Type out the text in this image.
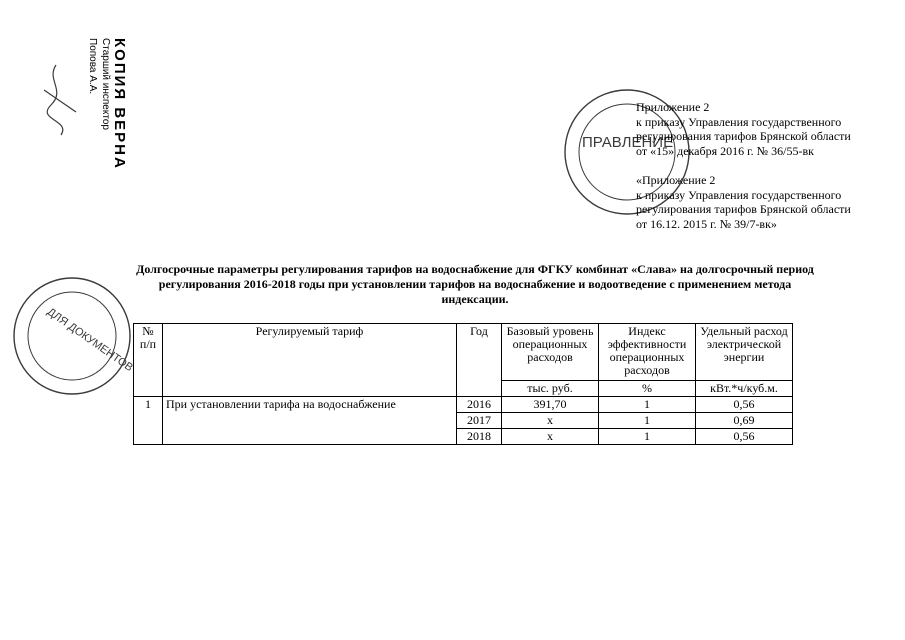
КОПИЯ ВЕРНА
Старший инспектор
Попова А.А.
ПРАВЛЕНИЕ
ДЛЯ ДОКУМЕНТОВ
Приложение 2
к приказу Управления государственного
регулирования тарифов Брянской области
от «15» декабря 2016 г. № 36/55-вк
«Приложение 2
к приказу Управления государственного
регулирования тарифов Брянской области
от 16.12. 2015 г. № 39/7-вк»
Долгосрочные параметры регулирования тарифов на водоснабжение для ФГКУ комбинат «Слава» на долгосрочный период
регулирования 2016-2018 годы при установлении тарифов на водоснабжение и водоотведение с применением метода
индексации.
№ п/п	Регулируемый тариф	Год	Базовый уровень операционных расходов	Индекс эффективности операционных расходов	Удельный расход электрической энергии
			тыс. руб.	%	кВт.*ч/куб.м.
1	При установлении тарифа на водоснабжение	2016	391,70	1	0,56
		2017	х	1	0,69
		2018	х	1	0,56
